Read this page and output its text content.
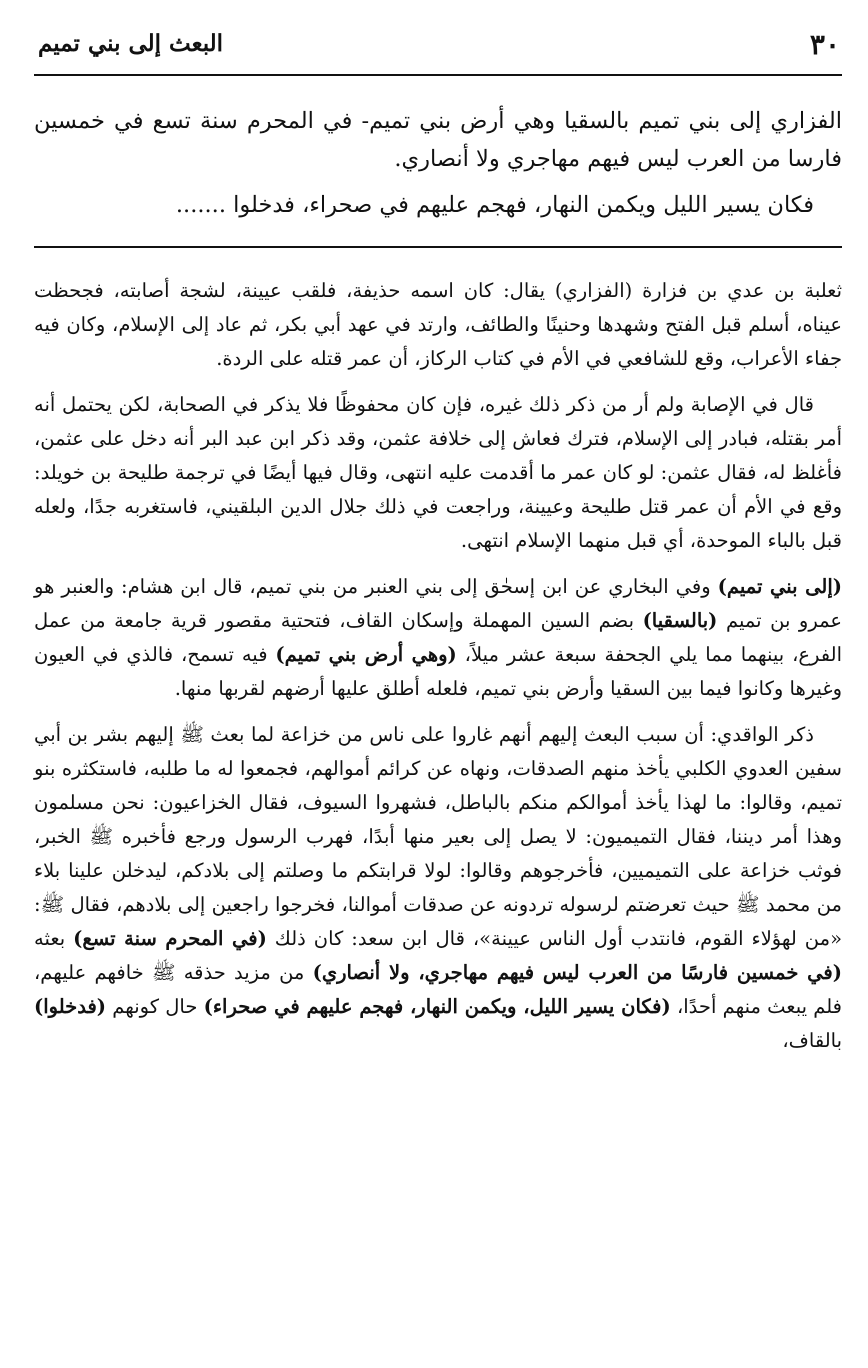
٣٠
البعث إلى بني تميم

الفزاري إلى بني تميم بالسقيا وهي أرض بني تميم- في المحرم سنة تسع في خمسين فارسا من العرب ليس فيهم مهاجري ولا أنصاري.

فكان يسير الليل ويكمن النهار، فهجم عليهم في صحراء، فدخلوا .......

ثعلبة بن عدي بن فزارة (الفزاري) يقال: كان اسمه حذيفة، فلقب عيينة، لشجة أصابته، فجحظت عيناه، أسلم قبل الفتح وشهدها وحنينًا والطائف، وارتد في عهد أبي بكر، ثم عاد إلى الإسلام، وكان فيه جفاء الأعراب، وقع للشافعي في الأم في كتاب الركاز، أن عمر قتله على الردة.

قال في الإصابة ولم أر من ذكر ذلك غيره، فإن كان محفوظًا فلا يذكر في الصحابة، لكن يحتمل أنه أمر بقتله، فبادر إلى الإسلام، فترك فعاش إلى خلافة عثمن، وقد ذكر ابن عبد البر أنه دخل على عثمن، فأغلظ له، فقال عثمن: لو كان عمر ما أقدمت عليه انتهى، وقال فيها أيضًا في ترجمة طليحة بن خويلد: وقع في الأم أن عمر قتل طليحة وعيينة، وراجعت في ذلك جلال الدين البلقيني، فاستغربه جدًا، ولعله قبل بالباء الموحدة، أي قبل منهما الإسلام انتهى.

(إلى بني تميم) وفي البخاري عن ابن إسحٰق إلى بني العنبر من بني تميم، قال ابن هشام: والعنبر هو عمرو بن تميم (بالسقيا) بضم السين المهملة وإسكان القاف، فتحتية مقصور قرية جامعة من عمل الفرع، بينهما مما يلي الجحفة سبعة عشر ميلاً، (وهي أرض بني تميم) فيه تسمح، فالذي في العيون وغيرها وكانوا فيما بين السقيا وأرض بني تميم، فلعله أطلق عليها أرضهم لقربها منها.

ذكر الواقدي: أن سبب البعث إليهم أنهم غاروا على ناس من خزاعة لما بعث ﷺ إليهم بشر بن أبي سفين العدوي الكلبي يأخذ منهم الصدقات، ونهاه عن كرائم أموالهم، فجمعوا له ما طلبه، فاستكثره بنو تميم، وقالوا: ما لهذا يأخذ أموالكم منكم بالباطل، فشهروا السيوف، فقال الخزاعيون: نحن مسلمون وهذا أمر ديننا، فقال التميميون: لا يصل إلى بعير منها أبدًا، فهرب الرسول ورجع فأخبره ﷺ الخبر، فوثب خزاعة على التميميين، فأخرجوهم وقالوا: لولا قرابتكم ما وصلتم إلى بلادكم، ليدخلن علينا بلاء من محمد ﷺ حيث تعرضتم لرسوله تردونه عن صدقات أموالنا، فخرجوا راجعين إلى بلادهم، فقال ﷺ: «من لهؤلاء القوم، فانتدب أول الناس عيينة»، قال ابن سعد: كان ذلك (في المحرم سنة تسع) بعثه (في خمسين فارسًا من العرب ليس فيهم مهاجري، ولا أنصاري) من مزيد حذقه ﷺ خافهم عليهم، فلم يبعث منهم أحدًا، (فكان يسير الليل، ويكمن النهار، فهجم عليهم في صحراء) حال كونهم (فدخلوا) بالقاف،
